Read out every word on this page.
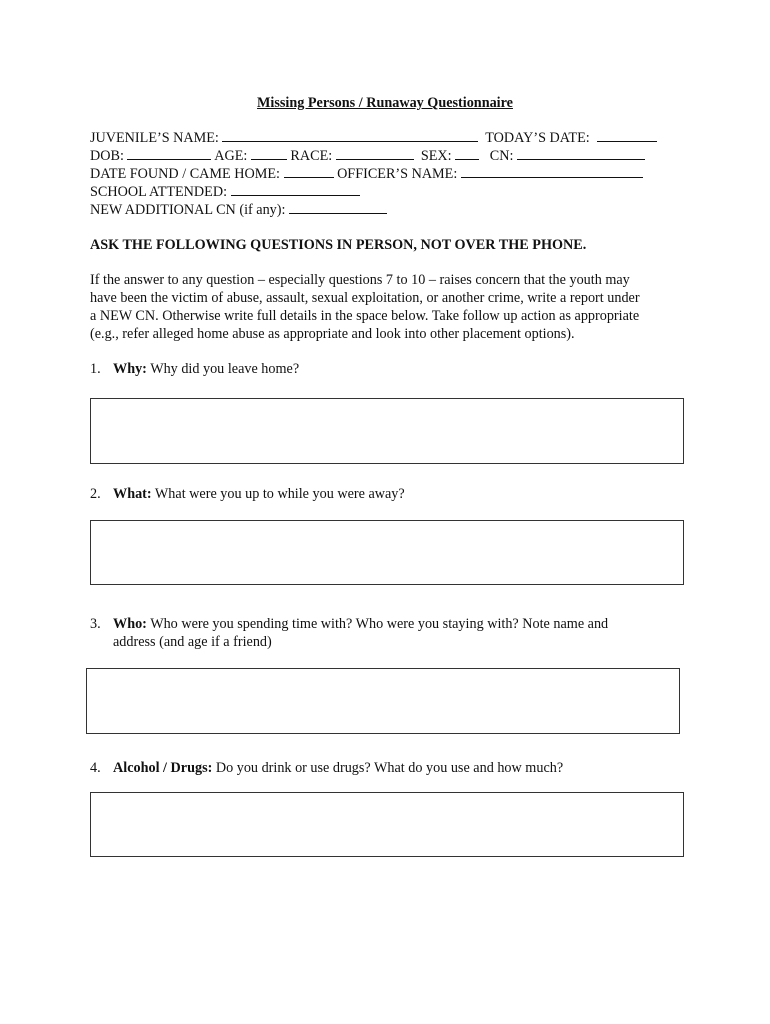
Missing Persons / Runaway Questionnaire
JUVENILE’S NAME:	TODAY’S DATE:
DOB:	AGE:	RACE:	SEX:	CN:
DATE FOUND / CAME HOME:	OFFICER’S NAME:
SCHOOL ATTENDED:
NEW ADDITIONAL CN (if any):
ASK THE FOLLOWING QUESTIONS IN PERSON, NOT OVER THE PHONE.
If the answer to any question – especially questions 7 to 10 – raises concern that the youth may
have been the victim of abuse, assault, sexual exploitation, or another crime, write a report under
a NEW CN. Otherwise write full details in the space below. Take follow up action as appropriate
(e.g., refer alleged home abuse as appropriate and look into other placement options).
1. Why: Why did you leave home?
2. What: What were you up to while you were away?
3. Who: Who were you spending time with? Who were you staying with? Note name and
address (and age if a friend)
4. Alcohol / Drugs: Do you drink or use drugs? What do you use and how much?
